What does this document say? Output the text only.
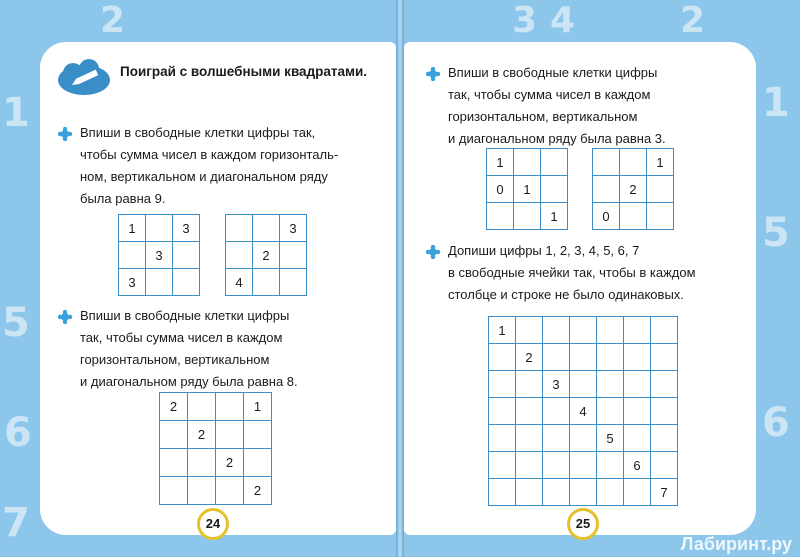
2	3 4	2
1
5
6
7
1
5
6
Поиграй с волшебными квадратами.
Впиши в свободные клетки цифры так,
чтобы сумма чисел в каждом горизонталь-
ном, вертикальном и диагональном ряду
была равна 9.
1		3
	3	
3		
		3
	2	
4		
Впиши в свободные клетки цифры
так, чтобы сумма чисел в каждом
горизонтальном, вертикальном
и диагональном ряду была равна 8.
2			1
	2		
		2	
			2
24
Впиши в свободные клетки цифры
так, чтобы сумма чисел в каждом
горизонтальном, вертикальном
и диагональном ряду была равна 3.
1		
0	1	
		1
		1
	2	
0		
Допиши цифры 1, 2, 3, 4, 5, 6, 7
в свободные ячейки так, чтобы в каждом
столбце и строке не было одинаковых.
1						
	2					
		3				
			4			
				5		
					6	
						7
25
Лабиринт.ру
